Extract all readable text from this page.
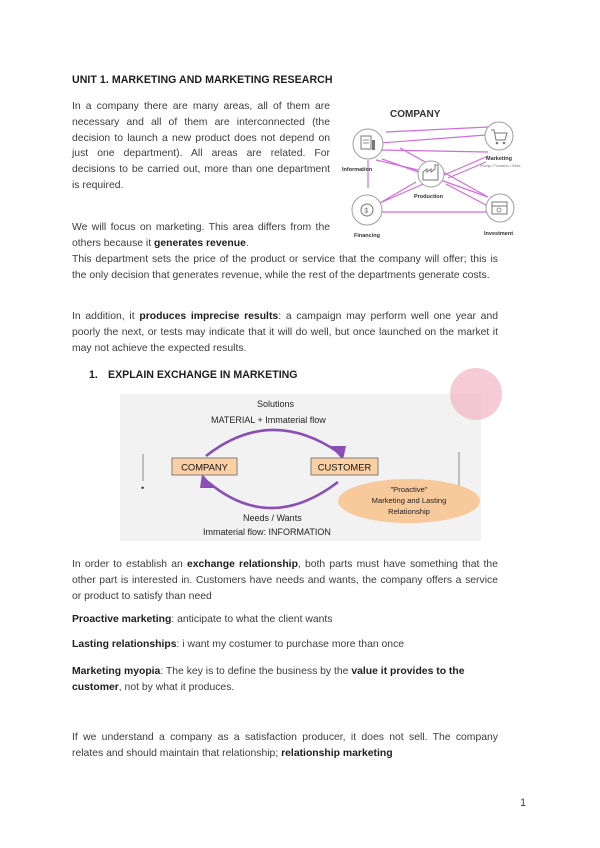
UNIT 1. MARKETING AND MARKETING RESEARCH

In a company there are many areas, all of them are necessary and all of them are interconnected (the decision to launch a new product does not depend on just one department). All areas are related. For decisions to be carried out, more than one department is required.

We will focus on marketing. This area differs from the others because it generates revenue.

This department sets the price of the product or service that the company will offer; this is the only decision that generates revenue, while the rest of the departments generate costs.

In addition, it produces imprecise results: a campaign may perform well one year and poorly the next, or tests may indicate that it will do well, but once launched on the market it may not achieve the expected results.

COMPANY
Information
Marketing
Pricing • Promotion • Sales
Production
$
Financing	Investment
1. EXPLAIN EXCHANGE IN MARKETING
•
Solutions
MATERIAL + Immaterial flow
COMPANY	CUSTOMER
"Proactive"
Marketing and Lasting
Relationship
Needs / Wants
Immaterial flow: INFORMATION

In order to establish an exchange relationship, both parts must have something that the other part is interested in. Customers have needs and wants, the company offers a service or product to satisfy than need

Proactive marketing: anticipate to what the client wants

Lasting relationships: i want my costumer to purchase more than once

Marketing myopia: The key is to define the business by the value it provides to the customer, not by what it produces.

If we understand a company as a satisfaction producer, it does not sell. The company relates and should maintain that relationship; relationship marketing

1
